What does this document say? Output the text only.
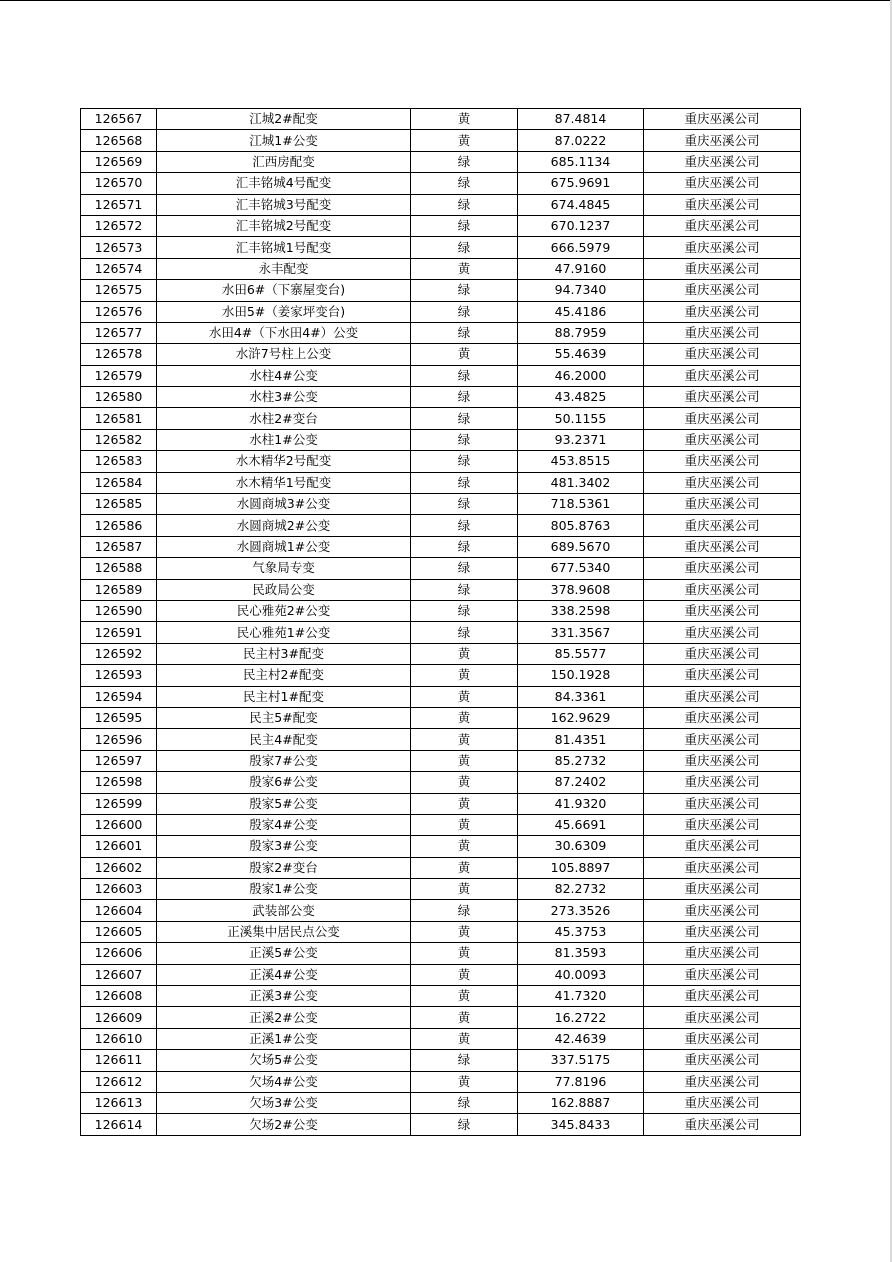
126567	江城2#配变	黄	87.4814	重庆巫溪公司
126568	江城1#公变	黄	87.0222	重庆巫溪公司
126569	汇西房配变	绿	685.1134	重庆巫溪公司
126570	汇丰铭城4号配变	绿	675.9691	重庆巫溪公司
126571	汇丰铭城3号配变	绿	674.4845	重庆巫溪公司
126572	汇丰铭城2号配变	绿	670.1237	重庆巫溪公司
126573	汇丰铭城1号配变	绿	666.5979	重庆巫溪公司
126574	永丰配变	黄	47.9160	重庆巫溪公司
126575	水田6#（下寨屋变台)	绿	94.7340	重庆巫溪公司
126576	水田5#（姜家坪变台)	绿	45.4186	重庆巫溪公司
126577	水田4#（下水田4#）公变	绿	88.7959	重庆巫溪公司
126578	水浒7号柱上公变	黄	55.4639	重庆巫溪公司
126579	水柱4#公变	绿	46.2000	重庆巫溪公司
126580	水柱3#公变	绿	43.4825	重庆巫溪公司
126581	水柱2#变台	绿	50.1155	重庆巫溪公司
126582	水柱1#公变	绿	93.2371	重庆巫溪公司
126583	水木精华2号配变	绿	453.8515	重庆巫溪公司
126584	水木精华1号配变	绿	481.3402	重庆巫溪公司
126585	水圆商城3#公变	绿	718.5361	重庆巫溪公司
126586	水圆商城2#公变	绿	805.8763	重庆巫溪公司
126587	水圆商城1#公变	绿	689.5670	重庆巫溪公司
126588	气象局专变	绿	677.5340	重庆巫溪公司
126589	民政局公变	绿	378.9608	重庆巫溪公司
126590	民心雅苑2#公变	绿	338.2598	重庆巫溪公司
126591	民心雅苑1#公变	绿	331.3567	重庆巫溪公司
126592	民主村3#配变	黄	85.5577	重庆巫溪公司
126593	民主村2#配变	黄	150.1928	重庆巫溪公司
126594	民主村1#配变	黄	84.3361	重庆巫溪公司
126595	民主5#配变	黄	162.9629	重庆巫溪公司
126596	民主4#配变	黄	81.4351	重庆巫溪公司
126597	殷家7#公变	黄	85.2732	重庆巫溪公司
126598	殷家6#公变	黄	87.2402	重庆巫溪公司
126599	殷家5#公变	黄	41.9320	重庆巫溪公司
126600	殷家4#公变	黄	45.6691	重庆巫溪公司
126601	殷家3#公变	黄	30.6309	重庆巫溪公司
126602	殷家2#变台	黄	105.8897	重庆巫溪公司
126603	殷家1#公变	黄	82.2732	重庆巫溪公司
126604	武装部公变	绿	273.3526	重庆巫溪公司
126605	正溪集中居民点公变	黄	45.3753	重庆巫溪公司
126606	正溪5#公变	黄	81.3593	重庆巫溪公司
126607	正溪4#公变	黄	40.0093	重庆巫溪公司
126608	正溪3#公变	黄	41.7320	重庆巫溪公司
126609	正溪2#公变	黄	16.2722	重庆巫溪公司
126610	正溪1#公变	黄	42.4639	重庆巫溪公司
126611	欠场5#公变	绿	337.5175	重庆巫溪公司
126612	欠场4#公变	黄	77.8196	重庆巫溪公司
126613	欠场3#公变	绿	162.8887	重庆巫溪公司
126614	欠场2#公变	绿	345.8433	重庆巫溪公司
